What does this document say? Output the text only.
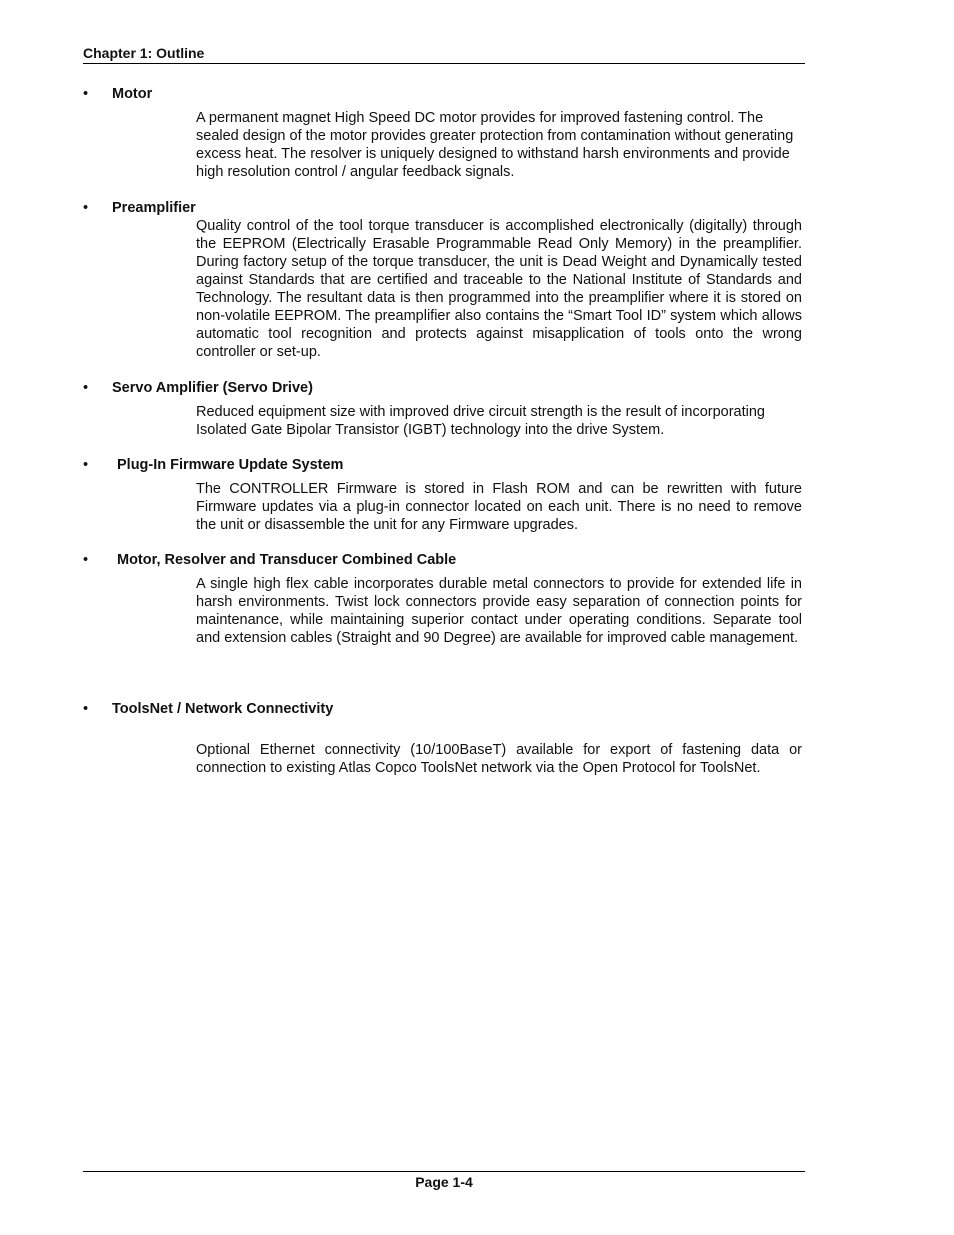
Chapter 1: Outline
• Motor
A permanent magnet High Speed DC motor provides for improved fastening control. The sealed design of the motor provides greater protection from contamination without generating excess heat. The resolver is uniquely designed to withstand harsh environments and provide high resolution control / angular feedback signals.
• Preamplifier
Quality control of the tool torque transducer is accomplished electronically (digitally) through the EEPROM (Electrically Erasable Programmable Read Only Memory) in the preamplifier. During factory setup of the torque transducer, the unit is Dead Weight and Dynamically tested against Standards that are certified and traceable to the National Institute of Standards and Technology. The resultant data is then programmed into the preamplifier where it is stored on non-volatile EEPROM. The preamplifier also contains the “Smart Tool ID” system which allows automatic tool recognition and protects against misapplication of tools onto the wrong controller or set-up.
• Servo Amplifier (Servo Drive)
Reduced equipment size with improved drive circuit strength is the result of incorporating Isolated Gate Bipolar Transistor (IGBT) technology into the drive System.
• Plug-In Firmware Update System
The CONTROLLER Firmware is stored in Flash ROM and can be rewritten with future Firmware updates via a plug-in connector located on each unit. There is no need to remove the unit or disassemble the unit for any Firmware upgrades.
• Motor, Resolver and Transducer Combined Cable
A single high flex cable incorporates durable metal connectors to provide for extended life in harsh environments. Twist lock connectors provide easy separation of connection points for maintenance, while maintaining superior contact under operating conditions. Separate tool and extension cables (Straight and 90 Degree) are available for improved cable management.
• ToolsNet / Network Connectivity
Optional Ethernet connectivity (10/100BaseT) available for export of fastening data or connection to existing Atlas Copco ToolsNet network via the Open Protocol for ToolsNet.
Page 1-4
